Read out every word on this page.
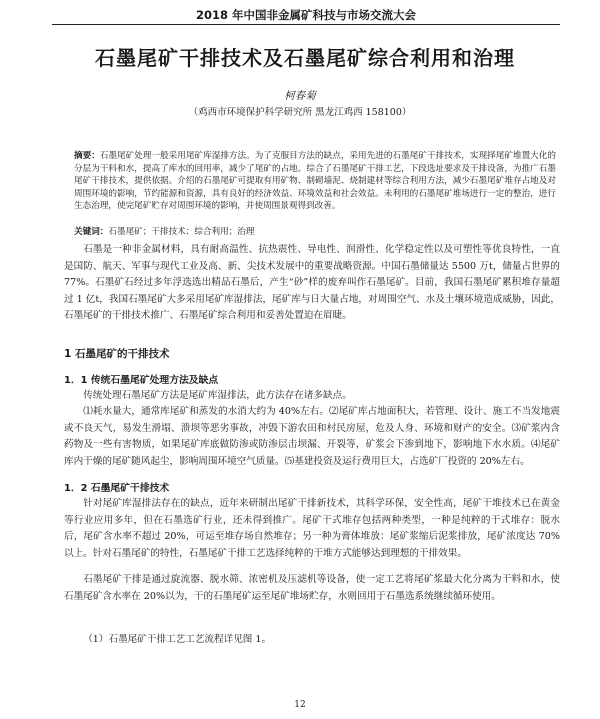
2018 年中国非金属矿科技与市场交流大会
石墨尾矿干排技术及石墨尾矿综合利用和治理
柯春菊
（鸡西市环境保护科学研究所 黑龙江鸡西 158100）
摘要：石墨尾矿处理一般采用尾矿库湿排方法。为了克服目方法的缺点，采用先进的石墨尾矿干排技术，实现择尾矿堆置大化的分层为干料和水，提高了库水的回用率，减少了尾矿的占地。综合了石墨尾矿干排工艺，下段选址要求及干排设备，为推广石墨尾矿干排技术，提供依据。介绍的石墨尾矿可提取有用矿物、制砌墙泥、烧制建材等综合利用方法，减少石墨尾矿堆存占地及对周围环境的影响，节约能源和资源，具有良好的经济效益、环境效益和社会效益。未利用的石墨尾矿堆场进行一定的整治，进行生态治理，使完尾矿贮存对周围环境的影响，并使周围景观得到改善。
关键词：石墨尾矿；干排技术；综合利用；治理

石墨是一种非金属材料，具有耐高温性、抗热震性、导电性、润滑性、化学稳定性以及可塑性等优良特性，一直是国防、航天、军事与现代工业及高、新、尖技术发展中的重要战略资源。中国石墨储量达 5500 万t，储量占世界的 77%。石墨矿石经过多年浮选选出精品石墨后，产生“砂”样的废弃叫作石墨尾矿。目前，我国石墨尾矿累积堆存量超过 1 亿t，我国石墨尾矿大多采用尾矿库湿排法，尾矿库与日大量占地，对周围空气、水及土壤环境造成威胁，因此，石墨尾矿的干排技术推广、石墨尾矿综合利用和妥善处置迫在眉睫。

1 石墨尾矿的干排技术
1．1 传统石墨尾矿处理方法及缺点

传统处理石墨尾矿方法是尾矿库湿排法，此方法存在诸多缺点。

⑴耗水量大，通常库尾矿和蒸发的水消大约为 40%左右。⑵尾矿库占地面积大，若管理、设计、施工不当发地震或不良天气，易发生滑塌、溃坝等恶劣事故，冲毁下游农田和村民房屋，危及人身、环境和财产的安全。⑶矿浆内含药物及一些有害物质，如果尾矿库底做防渗或防渗层击坝漏、开裂等，矿浆会下渗到地下，影响地下水水质。⑷尾矿库内干燥的尾矿随风起尘，影响周围环境空气质量。⑸基建投资及运行费用巨大，占选矿厂投资的 20%左右。

1．2 石墨尾矿干排技术

针对尾矿库湿排法存在的缺点，近年来研制出尾矿干排新技术，其科学环保，安全性高，尾矿干堆技术已在黄金等行业应用多年，但在石墨选矿行业，还未得到推广。尾矿干式堆存包括两种类型，一种是纯粹的干式堆存：脱水后，尾矿含水率不超过 20%，可运至堆存场自然堆存；另一种为膏体堆放：尾矿浆缩后泥浆排放，尾矿浓度达 70%以上。针对石墨尾矿的特性，石墨尾矿干排工艺选择纯粹的干堆方式能够达到理想的干排效果。

石墨尾矿干排是通过旋流器、脱水筛、浓密机及压滤机等设备，使一定工艺将尾矿浆最大化分离为干料和水，使石墨尾矿含水率在 20%以为，干的石墨尾矿运至尾矿堆场贮存，水则回用于石墨选系统继续循环使用。

（1）石墨尾矿干排工艺工艺流程详见图 1。

12
